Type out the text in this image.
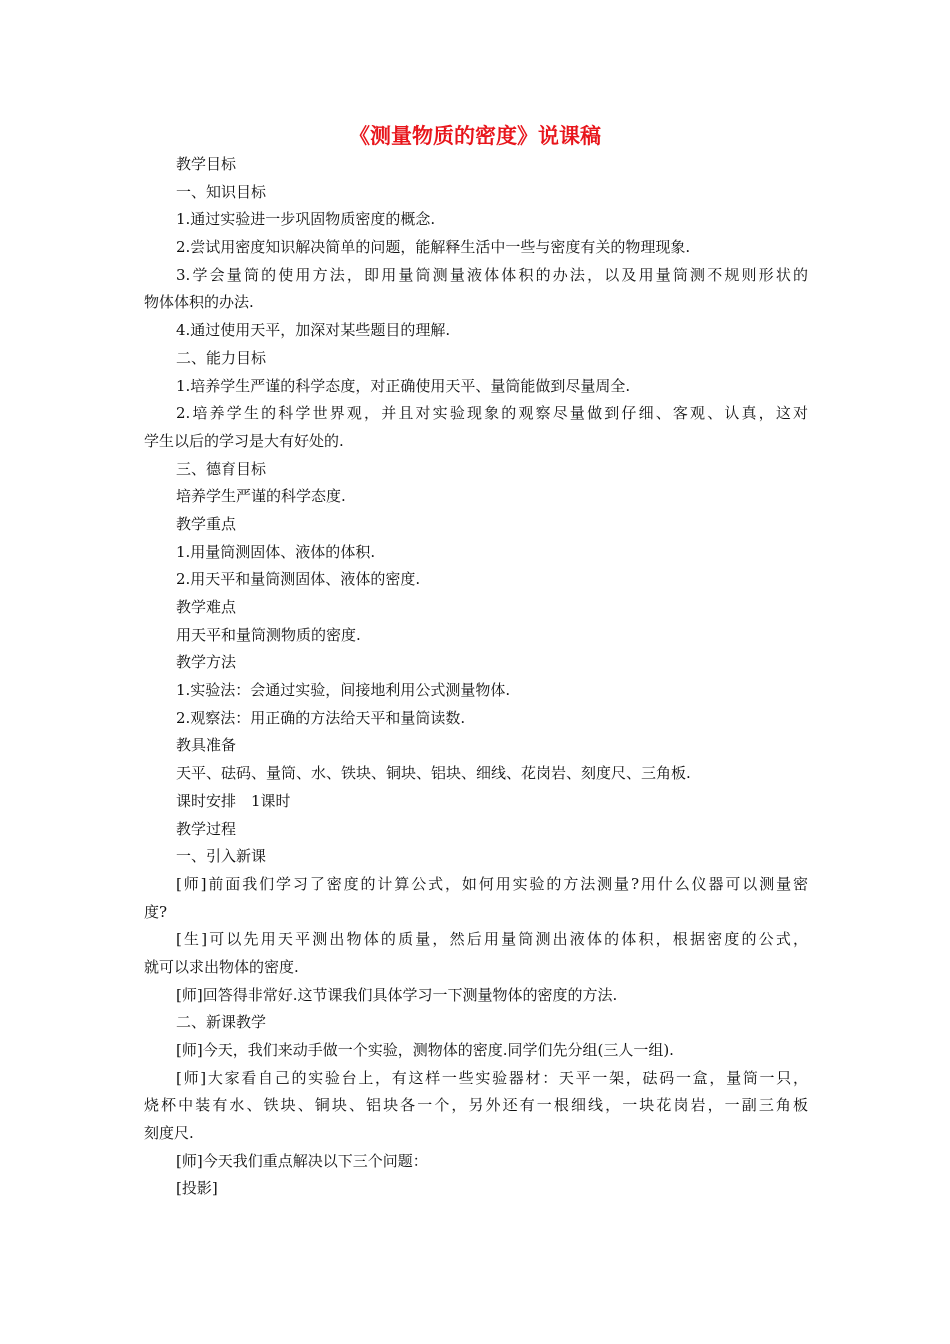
《测量物质的密度》说课稿
教学目标
一、知识目标
1.通过实验进一步巩固物质密度的概念.
2.尝试用密度知识解决简单的问题，能解释生活中一些与密度有关的物理现象.
3.学会量筒的使用方法，即用量筒测量液体体积的办法，以及用量筒测不规则形状的
物体体积的办法.
4.通过使用天平，加深对某些题目的理解.
二、能力目标
1.培养学生严谨的科学态度，对正确使用天平、量筒能做到尽量周全.
2.培养学生的科学世界观，并且对实验现象的观察尽量做到仔细、客观、认真，这对
学生以后的学习是大有好处的.
三、德育目标
培养学生严谨的科学态度.
教学重点
1.用量筒测固体、液体的体积.
2.用天平和量筒测固体、液体的密度.
教学难点
用天平和量筒测物质的密度.
教学方法
1.实验法：会通过实验，间接地利用公式测量物体.
2.观察法：用正确的方法给天平和量筒读数.
教具准备
天平、砝码、量筒、水、铁块、铜块、铝块、细线、花岗岩、刻度尺、三角板.
课时安排　1课时
教学过程
一、引入新课
[师]前面我们学习了密度的计算公式，如何用实验的方法测量?用什么仪器可以测量密
度?
[生]可以先用天平测出物体的质量，然后用量筒测出液体的体积，根据密度的公式，
就可以求出物体的密度.
[师]回答得非常好.这节课我们具体学习一下测量物体的密度的方法.
二、新课教学
[师]今天，我们来动手做一个实验，测物体的密度.同学们先分组(三人一组).
[师]大家看自己的实验台上，有这样一些实验器材：天平一架，砝码一盒，量筒一只，
烧杯中装有水、铁块、铜块、铝块各一个，另外还有一根细线，一块花岗岩，一副三角板
刻度尺.
[师]今天我们重点解决以下三个问题：
[投影]
